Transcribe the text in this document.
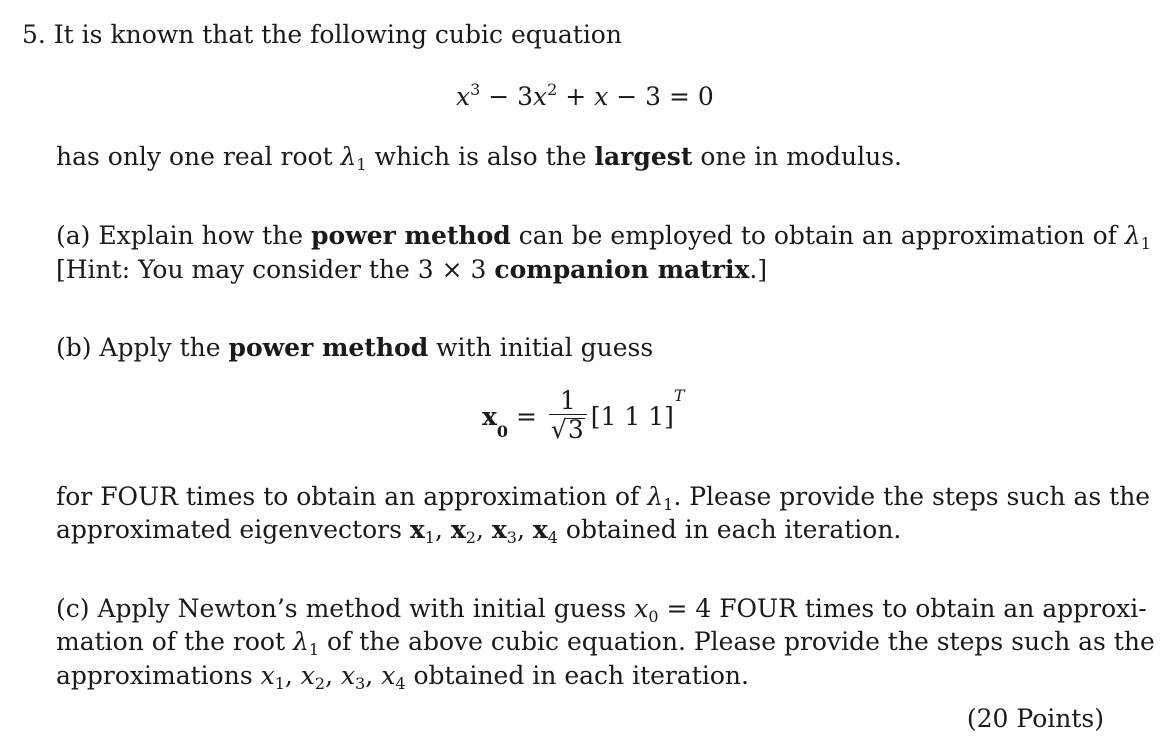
5. It is known that the following cubic equation
$x^3 - 3x^2 + x - 3 = 0$
has only one real root $\lambda_1$ which is also the largest one in modulus.
(a) Explain how the power method can be employed to obtain an approximation of $\lambda_1$
[Hint: You may consider the 3 × 3 companion matrix.]
(b) Apply the power method with initial guess
$x_0 = \frac{1}{√3} [1$ 1 1]$^T$
for FOUR times to obtain an approximation of $\lambda_1$. Please provide the steps such as the
approximated eigenvectors $x_1$, $x_2$, $x_3$, $x_4$ obtained in each iteration.
(c) Apply Newton’s method with initial guess $x_0 = 4$ FOUR times to obtain an approxi-
mation of the root $\lambda_1$ of the above cubic equation. Please provide the steps such as the
approximations $x_1$, $x_2$, $x_3$, $x_4$ obtained in each iteration.
(20 Points)
